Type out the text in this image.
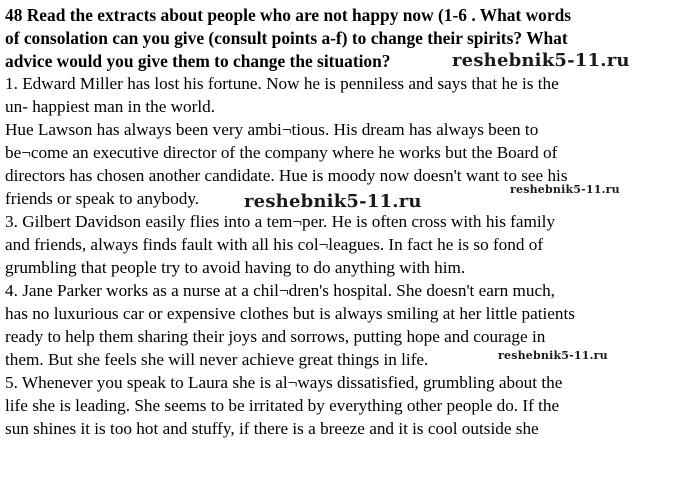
48 Read the extracts about people who are not happy now (1-6 . What words
of consolation can you give (consult points a-f) to change their spirits? What
advice would you give them to change the situation?
1. Edward Miller has lost his fortune. Now he is penniless and says that he is the
un- happiest man in the world.
Hue Lawson has always been very ambi¬tious. His dream has always been to
be¬come an executive director of the company where he works but the Board of
directors has chosen another candidate. Hue is moody now doesn't want to see his
friends or speak to anybody.
3. Gilbert Davidson easily flies into a tem¬per. He is often cross with his family
and friends, always finds fault with all his col¬leagues. In fact he is so fond of
grumbling that people try to avoid having to do anything with him.
4. Jane Parker works as a nurse at a chil¬dren's hospital. She doesn't earn much,
has no luxurious car or expensive clothes but is always smiling at her little patients
ready to help them sharing their joys and sorrows, putting hope and courage in
them. But she feels she will never achieve great things in life.
5. Whenever you speak to Laura she is al¬ways dissatisfied, grumbling about the
life she is leading. She seems to be irritated by everything other people do. If the
sun shines it is too hot and stuffy, if there is a breeze and it is cool outside she
reshebnik5-11.ru
reshebnik5-11.ru
reshebnik5-11.ru
reshebnik5-11.ru
